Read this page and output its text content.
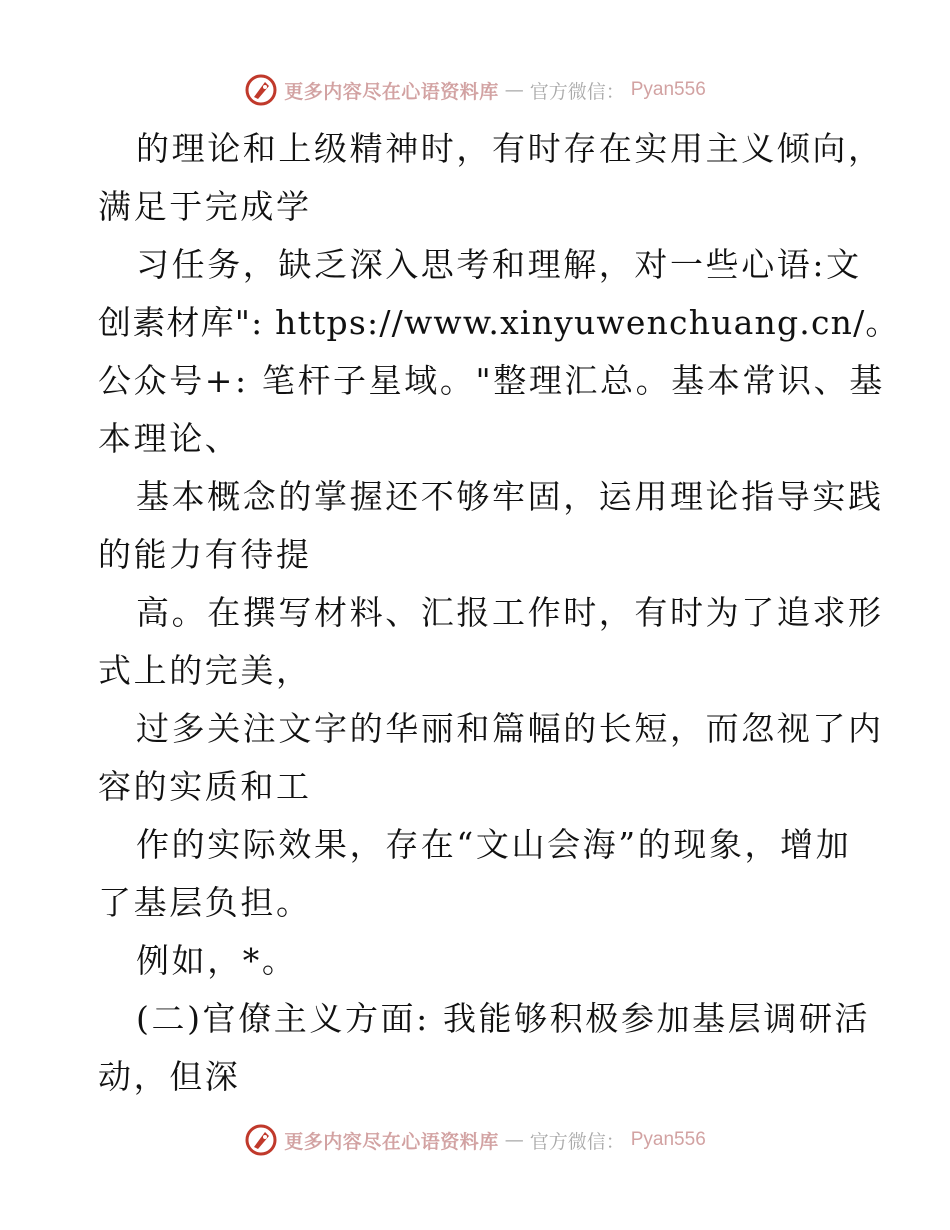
更多内容尽在心语资料库 — 官方微信： Pyan556
的理论和上级精神时，有时存在实用主义倾向，
满足于完成学
习任务，缺乏深入思考和理解，对一些心语:文
创素材库": https://www.xinyuwenchuang.cn/。
公众号+: 笔杆子星域。"整理汇总。基本常识、基
本理论、
基本概念的掌握还不够牢固，运用理论指导实践
的能力有待提
高。在撰写材料、汇报工作时，有时为了追求形
式上的完美，
过多关注文字的华丽和篇幅的长短，而忽视了内
容的实质和工
作的实际效果，存在“文山会海”的现象，增加
了基层负担。
例如，*。
(二)官僚主义方面: 我能够积极参加基层调研活
动，但深
更多内容尽在心语资料库 — 官方微信： Pyan556
